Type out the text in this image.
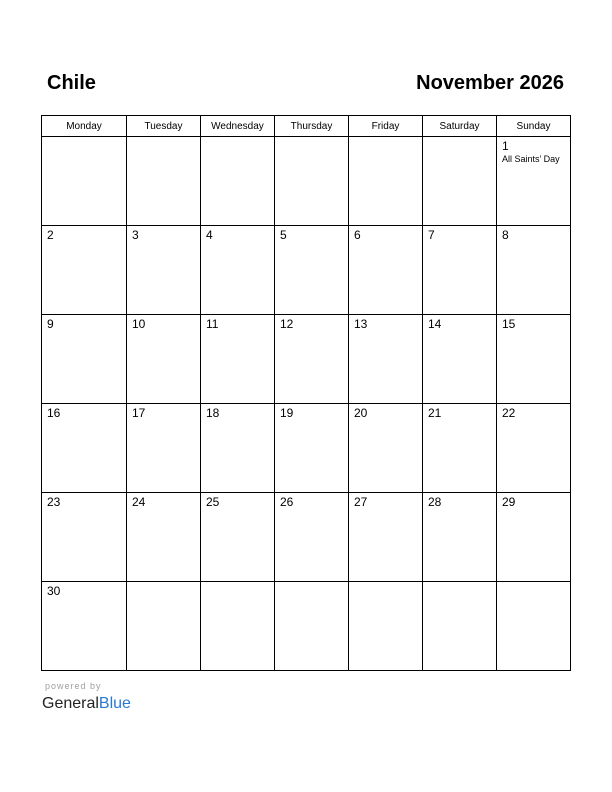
Chile	November 2026
Monday	Tuesday	Wednesday	Thursday	Friday	Saturday	Sunday

						1
All Saints’ Day

2	3	4	5	6	7	8

9	10	11	12	13	14	15

16	17	18	19	20	21	22

23	24	25	26	27	28	29

30						

powered by
GeneralBlue
